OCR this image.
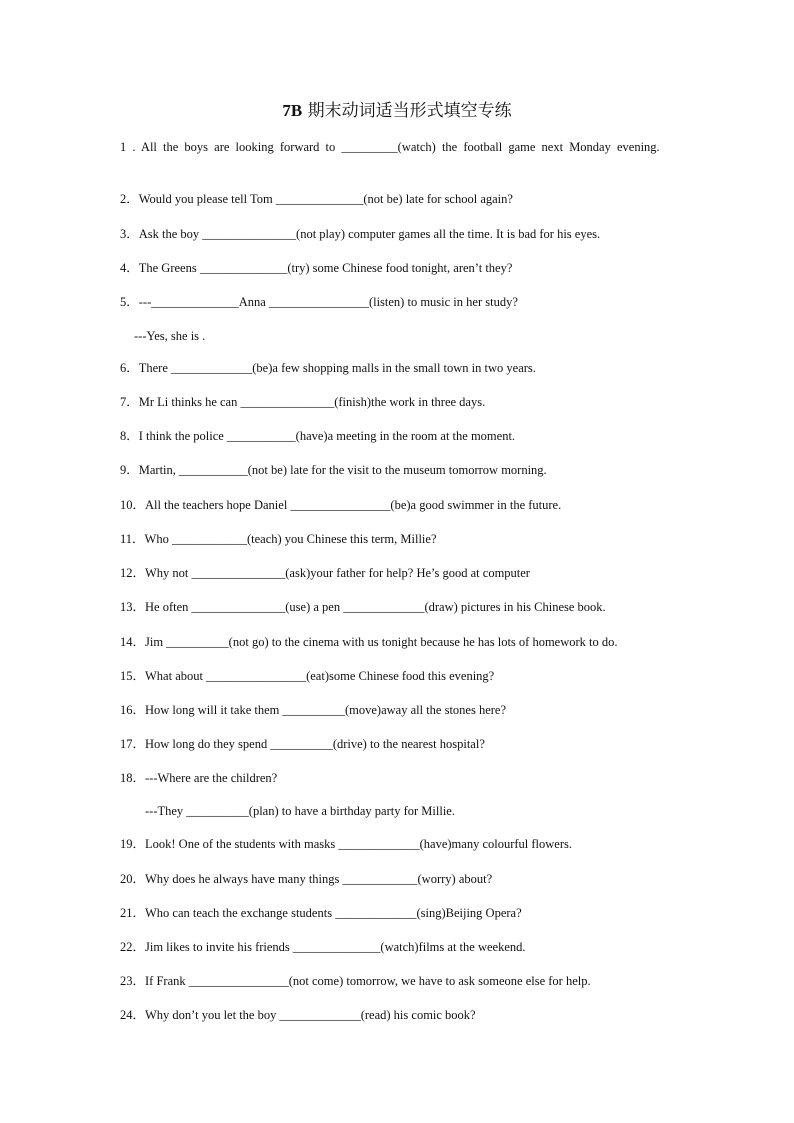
7B 期末动词适当形式填空专练
1 . All the boys are looking forward to _________(watch) the football game next Monday evening.
2．Would you please tell Tom ______________(not be) late for school again?
3．Ask the boy _______________(not play) computer games all the time. It is bad for his eyes.
4．The Greens ______________(try) some Chinese food tonight, aren’t they?
5．---______________Anna ________________(listen) to music in her study?
---Yes, she is .
6．There _____________(be)a few shopping malls in the small town in two years.
7．Mr Li thinks he can _______________(finish)the work in three days.
8．I think the police ___________(have)a meeting in the room at the moment.
9．Martin, ___________(not be) late for the visit to the museum tomorrow morning.
10．All the teachers hope Daniel ________________(be)a good swimmer in the future.
11．Who ____________(teach) you Chinese this term, Millie?
12．Why not _______________(ask)your father for help? He’s good at computer
13．He often _______________(use) a pen _____________(draw) pictures in his Chinese book.
14．Jim __________(not go) to the cinema with us tonight because he has lots of homework to do.
15．What about ________________(eat)some Chinese food this evening?
16．How long will it take them __________(move)away all the stones here?
17．How long do they spend __________(drive) to the nearest hospital?
18．---Where are the children?
---They __________(plan) to have a birthday party for Millie.
19．Look! One of the students with masks _____________(have)many colourful flowers.
20．Why does he always have many things ____________(worry) about?
21．Who can teach the exchange students _____________(sing)Beijing Opera?
22．Jim likes to invite his friends ______________(watch)films at the weekend.
23．If Frank ________________(not come) tomorrow, we have to ask someone else for help.
24．Why don’t you let the boy _____________(read) his comic book?
